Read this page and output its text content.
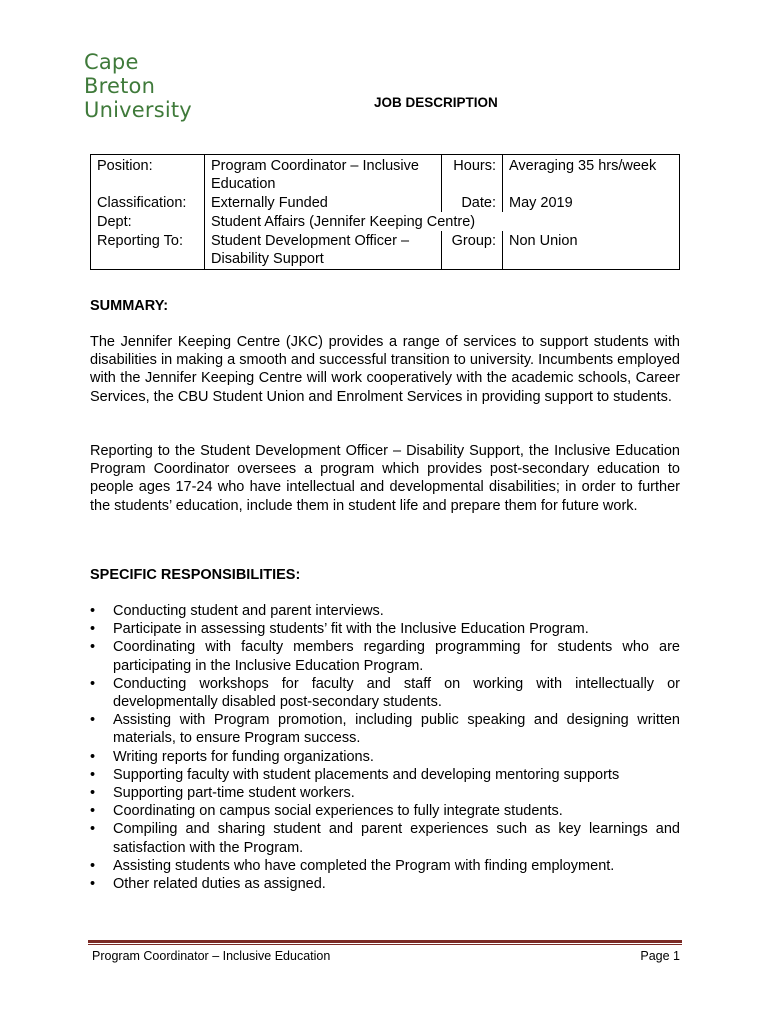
Cape
Breton
University	JOB DESCRIPTION
Position:	Program Coordinator – Inclusive Education	Hours:	Averaging 35 hrs/week
Classification:	Externally Funded	Date:	May 2019
Dept:	Student Affairs (Jennifer Keeping Centre)		
Reporting To:	Student Development Officer – Disability Support	Group:	Non Union
SUMMARY:
The Jennifer Keeping Centre (JKC) provides a range of services to support students with disabilities in making a smooth and successful transition to university. Incumbents employed with the Jennifer Keeping Centre will work cooperatively with the academic schools, Career Services, the CBU Student Union and Enrolment Services in providing support to students.
Reporting to the Student Development Officer – Disability Support, the Inclusive Education Program Coordinator oversees a program which provides post-secondary education to people ages 17-24 who have intellectual and developmental disabilities; in order to further the students’ education, include them in student life and prepare them for future work.
SPECIFIC RESPONSIBILITIES:
• Conducting student and parent interviews.
• Participate in assessing students’ fit with the Inclusive Education Program.
• Coordinating with faculty members regarding programming for students who are participating in the Inclusive Education Program.
• Conducting workshops for faculty and staff on working with intellectually or developmentally disabled post-secondary students.
• Assisting with Program promotion, including public speaking and designing written materials, to ensure Program success.
• Writing reports for funding organizations.
• Supporting faculty with student placements and developing mentoring supports
• Supporting part-time student workers.
• Coordinating on campus social experiences to fully integrate students.
• Compiling and sharing student and parent experiences such as key learnings and satisfaction with the Program.
• Assisting students who have completed the Program with finding employment.
• Other related duties as assigned.
Program Coordinator – Inclusive Education	Page 1
